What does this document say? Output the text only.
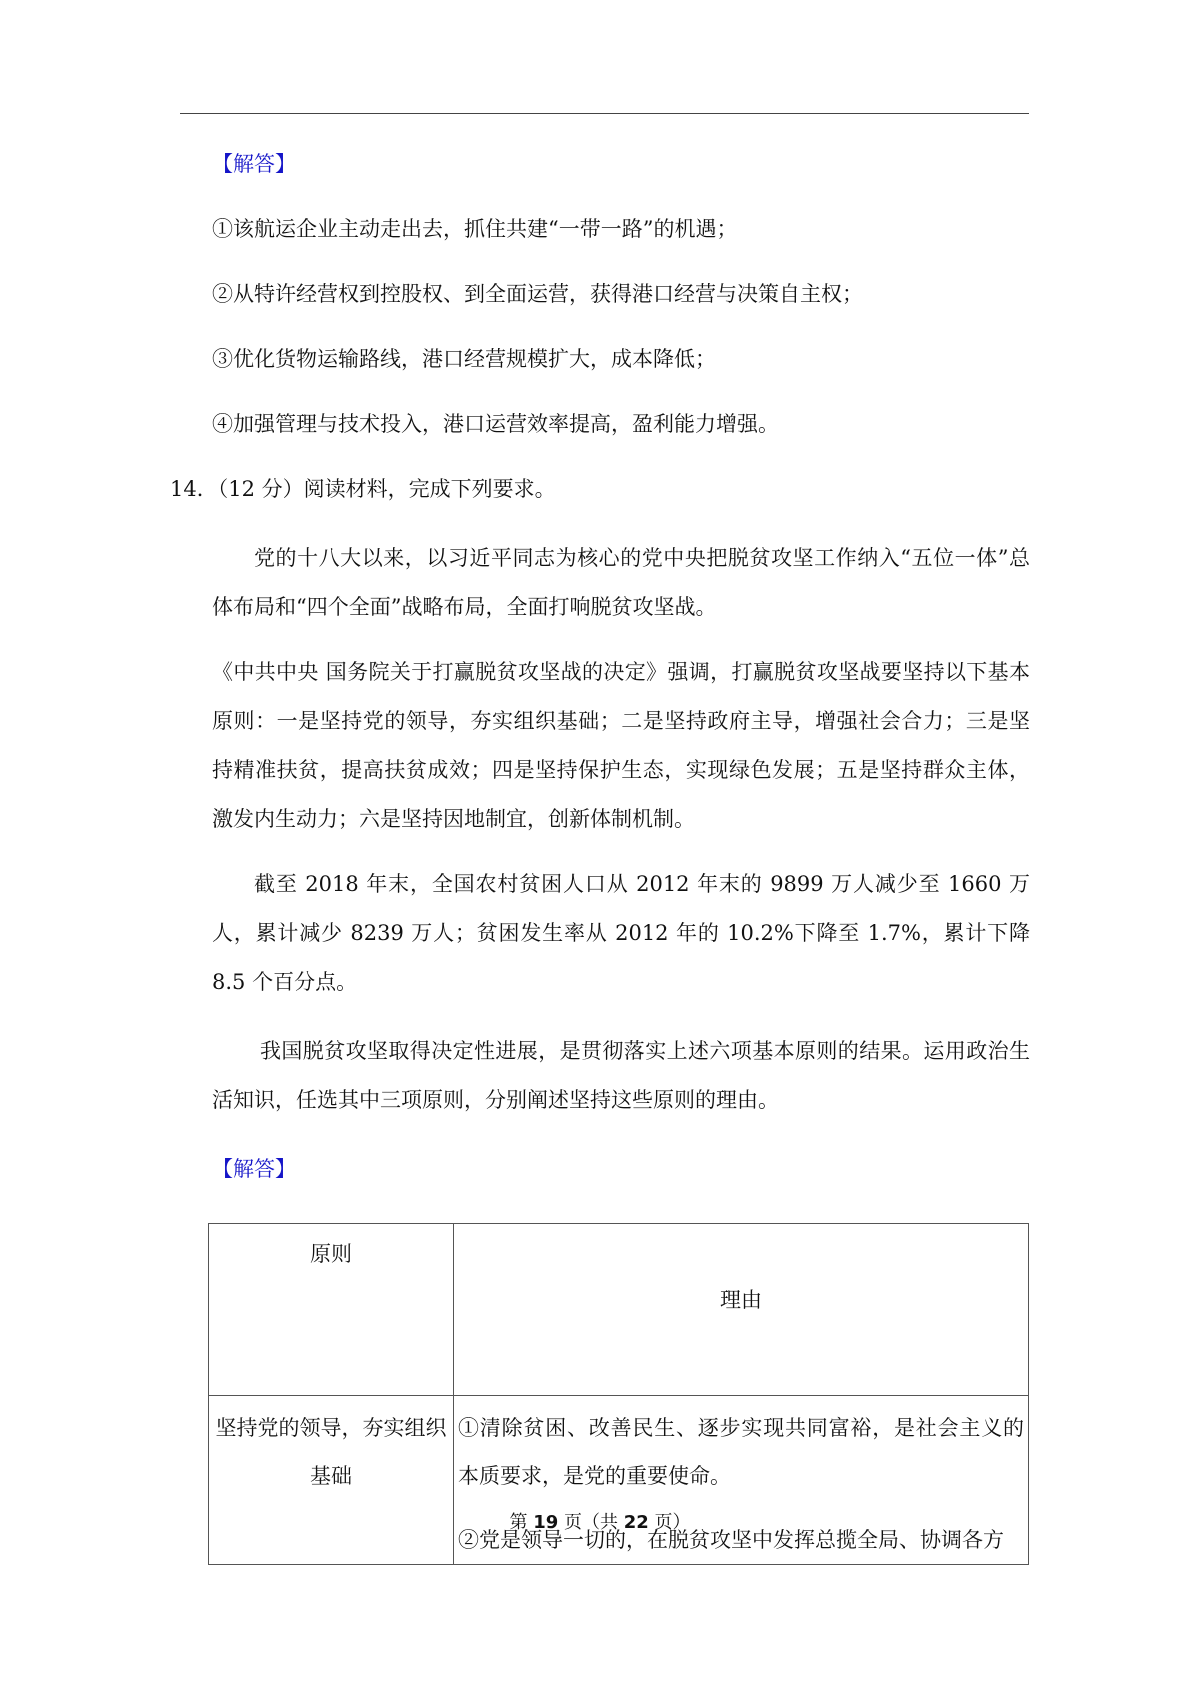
【解答】
①该航运企业主动走出去，抓住共建“一带一路”的机遇；
②从特许经营权到控股权、到全面运营，获得港口经营与决策自主权；
③优化货物运输路线，港口经营规模扩大，成本降低；
④加强管理与技术投入，港口运营效率提高，盈利能力增强。
14．（12 分）阅读材料，完成下列要求。
党的十八大以来，以习近平同志为核心的党中央把脱贫攻坚工作纳入“五位一体”总体布局和“四个全面”战略布局，全面打响脱贫攻坚战。
《中共中央 国务院关于打赢脱贫攻坚战的决定》强调，打赢脱贫攻坚战要坚持以下基本原则：一是坚持党的领导，夯实组织基础；二是坚持政府主导，增强社会合力；三是坚持精准扶贫，提高扶贫成效；四是坚持保护生态，实现绿色发展；五是坚持群众主体，激发内生动力；六是坚持因地制宜，创新体制机制。
截至 2018 年末，全国农村贫困人口从 2012 年末的 9899 万人减少至 1660 万人，累计减少 8239 万人；贫困发生率从 2012 年的 10.2%下降至 1.7%，累计下降 8.5 个百分点。
我国脱贫攻坚取得决定性进展，是贯彻落实上述六项基本原则的结果。运用政治生活知识，任选其中三项原则，分别阐述坚持这些原则的理由。
【解答】
原则	理由
坚持党的领导，夯实组织基础	①清除贫困、改善民生、逐步实现共同富裕，是社会主义的本质要求，是党的重要使命。

②党是领导一切的，在脱贫攻坚中发挥总揽全局、协调各方

第 19 页（共 22 页）
